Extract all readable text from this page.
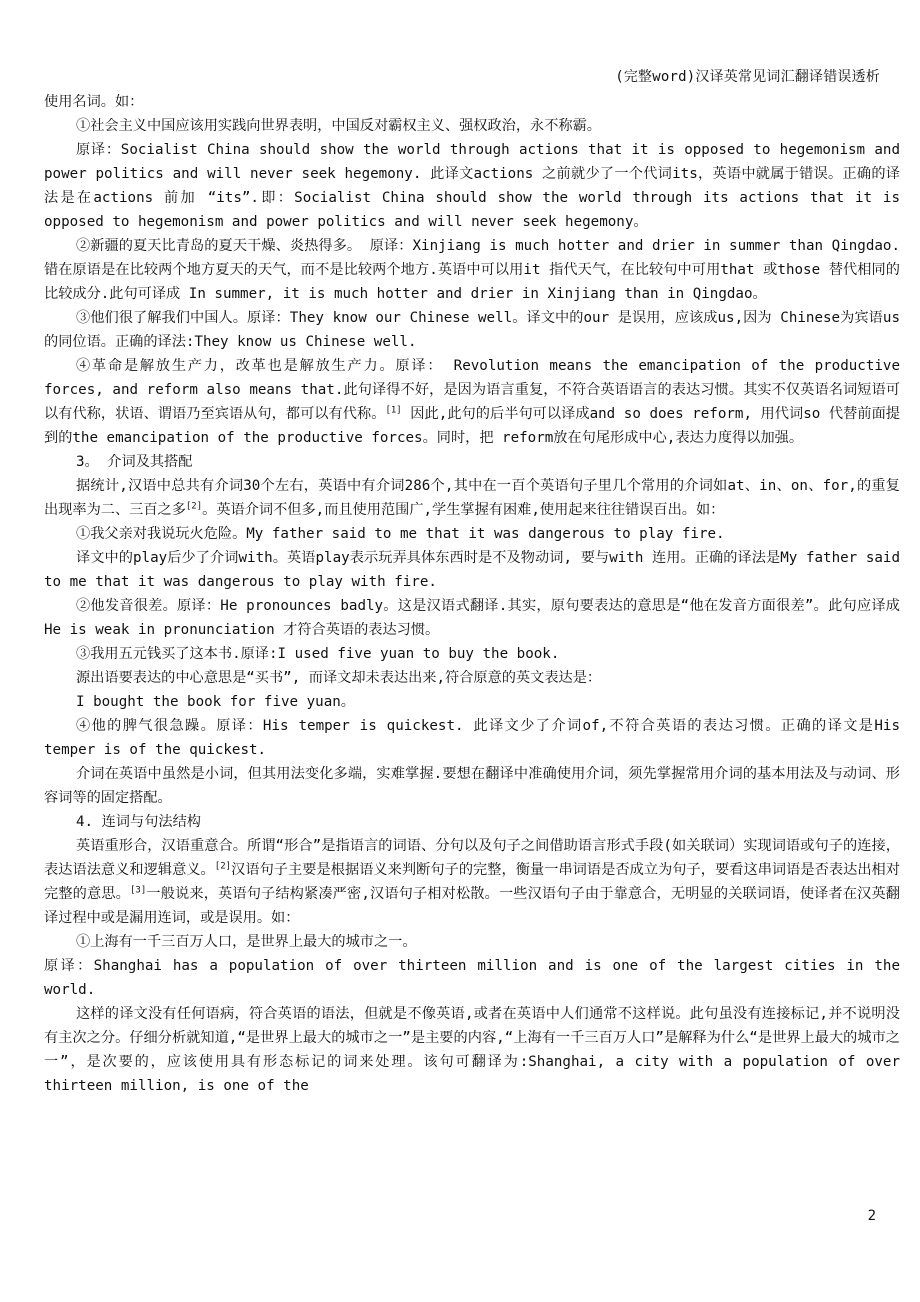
(完整word)汉译英常见词汇翻译错误透析

使用名词。如：

①社会主义中国应该用实践向世界表明，中国反对霸权主义、强权政治，永不称霸。

原译：Socialist China should show the world through actions that it is opposed to hegemonism and power politics and will never seek hegemony. 此译文actions 之前就少了一个代词its，英语中就属于错误。正确的译法是在actions 前加 “its”.即：Socialist China should show the world through its actions that it is opposed to hegemonism and power politics and will never seek hegemony。

②新疆的夏天比青岛的夏天干燥、炎热得多。 原译：Xinjiang is much hotter and drier in summer than Qingdao. 错在原语是在比较两个地方夏天的天气，而不是比较两个地方.英语中可以用it 指代天气，在比较句中可用that 或those 替代相同的比较成分.此句可译成 In summer, it is much hotter and drier in Xinjiang than in Qingdao。

③他们很了解我们中国人。原译：They know our Chinese well。译文中的our 是误用，应该成us,因为 Chinese为宾语us的同位语。正确的译法:They know us Chinese well.

④革命是解放生产力，改革也是解放生产力。原译： Revolution means the emancipation of the productive forces, and reform also means that.此句译得不好，是因为语言重复，不符合英语语言的表达习惯。其实不仅英语名词短语可以有代称，状语、谓语乃至宾语从句，都可以有代称。[1] 因此,此句的后半句可以译成and so does reform, 用代词so 代替前面提到的the emancipation of the productive forces。同时，把 reform放在句尾形成中心,表达力度得以加强。

3。 介词及其搭配

据统计,汉语中总共有介词30个左右，英语中有介词286个,其中在一百个英语句子里几个常用的介词如at、in、on、for,的重复出现率为二、三百之多[2]。英语介词不但多,而且使用范围广,学生掌握有困难,使用起来往往错误百出。如：

①我父亲对我说玩火危险。My father said to me that it was dangerous to play fire.

译文中的play后少了介词with。英语play表示玩弄具体东西时是不及物动词, 要与with 连用。正确的译法是My father said to me that it was dangerous to play with fire.

②他发音很差。原译：He pronounces badly。这是汉语式翻译.其实，原句要表达的意思是“他在发音方面很差”。此句应译成He is weak in pronunciation 才符合英语的表达习惯。

③我用五元钱买了这本书.原译:I used five yuan to buy the book.

源出语要表达的中心意思是“买书”, 而译文却未表达出来,符合原意的英文表达是：

I bought the book for five yuan。

④他的脾气很急躁。原译：His temper is quickest. 此译文少了介词of,不符合英语的表达习惯。正确的译文是His temper is of the quickest.

介词在英语中虽然是小词，但其用法变化多端，实难掌握.要想在翻译中准确使用介词，须先掌握常用介词的基本用法及与动词、形容词等的固定搭配。

4. 连词与句法结构

英语重形合，汉语重意合。所谓“形合”是指语言的词语、分句以及句子之间借助语言形式手段(如关联词）实现词语或句子的连接，表达语法意义和逻辑意义。[2]汉语句子主要是根据语义来判断句子的完整，衡量一串词语是否成立为句子，要看这串词语是否表达出相对完整的意思。[3]一般说来，英语句子结构紧凑严密,汉语句子相对松散。一些汉语句子由于靠意合，无明显的关联词语，使译者在汉英翻译过程中或是漏用连词，或是误用。如：

①上海有一千三百万人口，是世界上最大的城市之一。

原译：Shanghai has a population of over thirteen million and is one of the largest cities in the world.

这样的译文没有任何语病，符合英语的语法，但就是不像英语,或者在英语中人们通常不这样说。此句虽没有连接标记,并不说明没有主次之分。仔细分析就知道,“是世界上最大的城市之一”是主要的内容,“上海有一千三百万人口”是解释为什么“是世界上最大的城市之一”，是次要的，应该使用具有形态标记的词来处理。该句可翻译为:Shanghai, a city with a population of over thirteen million, is one of the

2
